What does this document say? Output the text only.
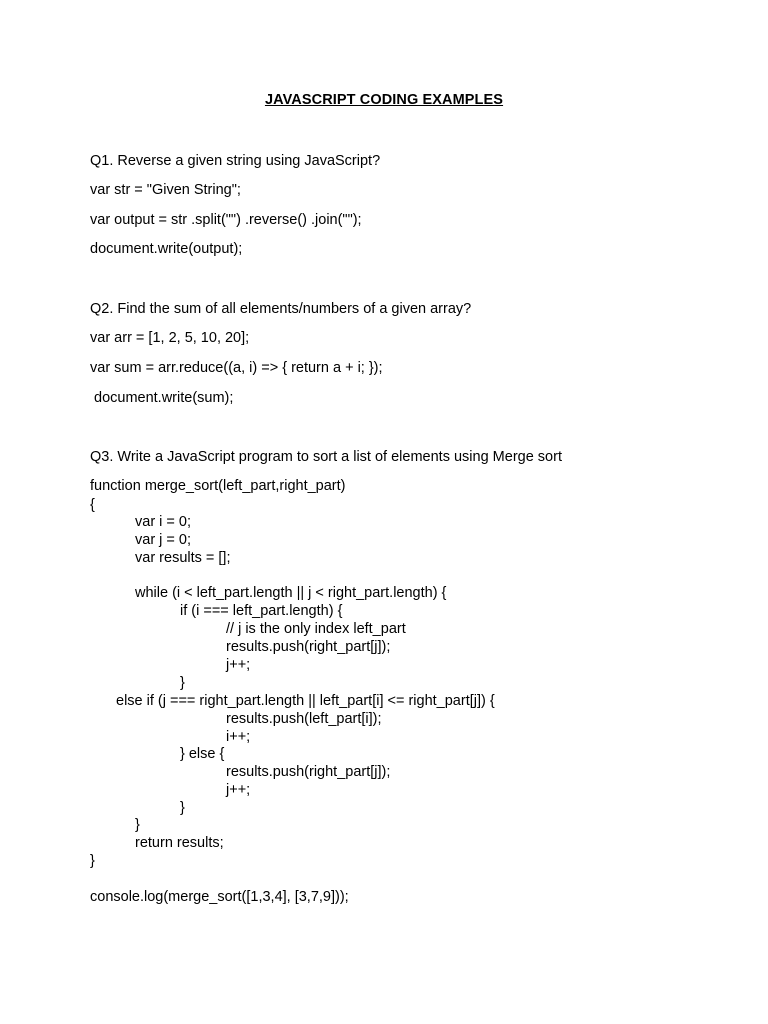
JAVASCRIPT CODING EXAMPLES
Q1. Reverse a given string using JavaScript?
var str = "Given String";
var output = str .split("") .reverse() .join("");
document.write(output);
Q2. Find the sum of all elements/numbers of a given array?
var arr = [1, 2, 5, 10, 20];
var sum = arr.reduce((a, i) => { return a + i; });
document.write(sum);
Q3. Write a JavaScript program to sort a list of elements using Merge sort
function merge_sort(left_part,right_part)
{
var i = 0;
var j = 0;
var results = [];
while (i < left_part.length || j < right_part.length) {
if (i === left_part.length) {
// j is the only index left_part
results.push(right_part[j]);
j++;
}
else if (j === right_part.length || left_part[i] <= right_part[j]) {
results.push(left_part[i]);
i++;
} else {
results.push(right_part[j]);
j++;
}
}
return results;
}
console.log(merge_sort([1,3,4], [3,7,9]));
